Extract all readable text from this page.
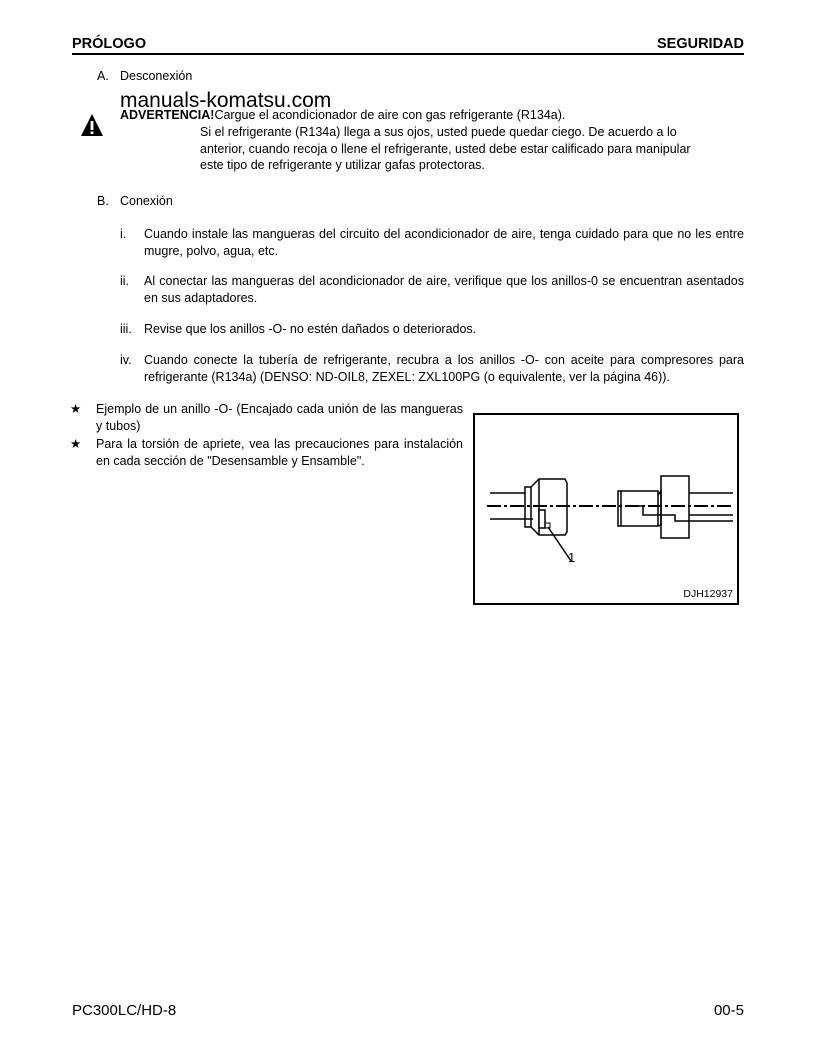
PRÓLOGO	SEGURIDAD
A. Desconexión
manuals-komatsu.com
ADVERTENCIA!Cargue el acondicionador de aire con gas refrigerante (R134a).
Si el refrigerante (R134a) llega a sus ojos, usted puede quedar ciego. De acuerdo a lo
anterior, cuando recoja o llene el refrigerante, usted debe estar calificado para manipular
este tipo de refrigerante y utilizar gafas protectoras.
B. Conexión
i. Cuando instale las mangueras del circuito del acondicionador de aire, tenga cuidado para que no les entre mugre, polvo, agua, etc.
ii. Al conectar las mangueras del acondicionador de aire, verifique que los anillos-0 se encuentran asentados en sus adaptadores.
iii. Revise que los anillos -O- no estén dañados o deteriorados.
iv. Cuando conecte la tubería de refrigerante, recubra a los anillos -O- con aceite para compresores para refrigerante (R134a) (DENSO: ND-OIL8, ZEXEL: ZXL100PG (o equivalente, ver la página 46)).
★ Ejemplo de un anillo -O- (Encajado cada unión de las mangueras y tubos)
★ Para la torsión de apriete, vea las precauciones para instalación en cada sección de "Desensamble y Ensamble".
1
DJH12937
PC300LC/HD-8	00-5
